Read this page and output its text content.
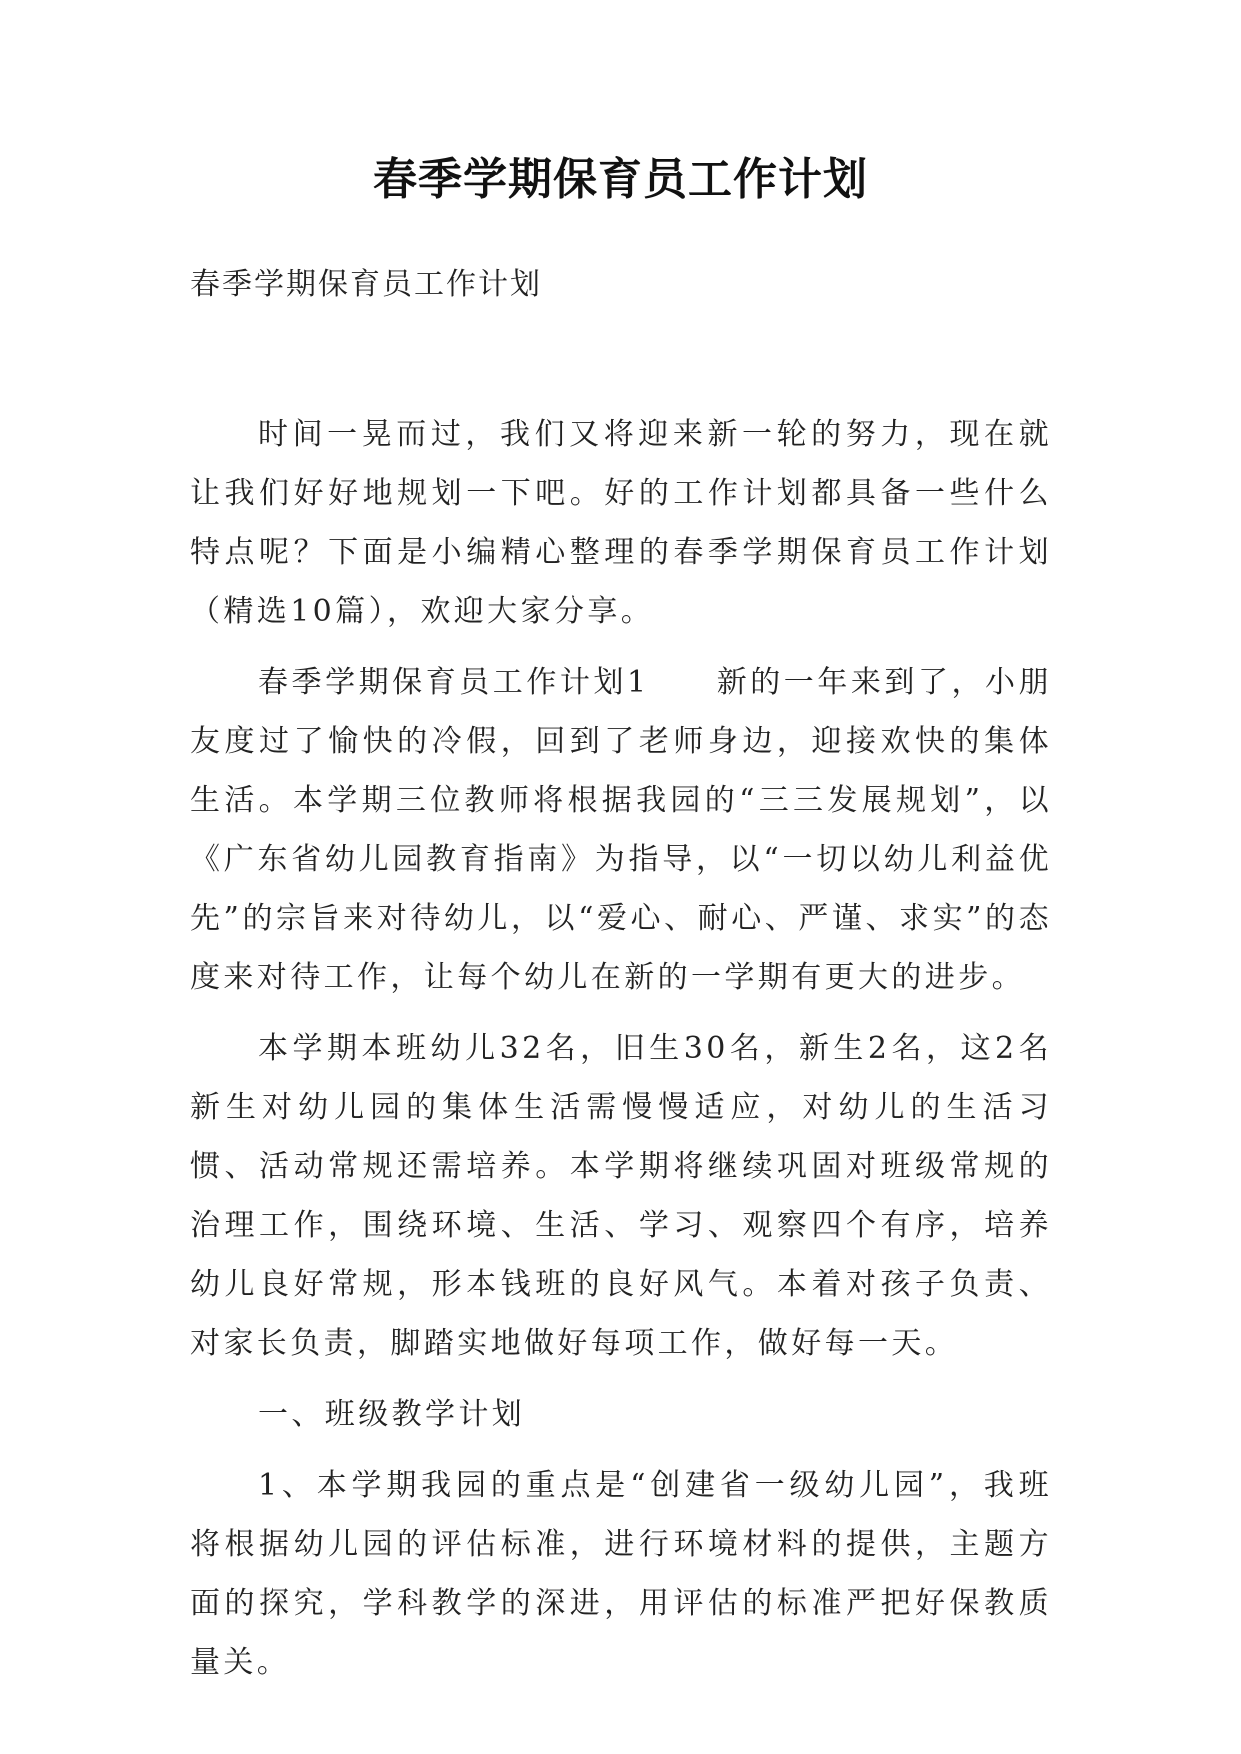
春季学期保育员工作计划

春季学期保育员工作计划

时间一晃而过，我们又将迎来新一轮的努力，现在就让我们好好地规划一下吧。好的工作计划都具备一些什么特点呢？下面是小编精心整理的春季学期保育员工作计划（精选10篇），欢迎大家分享。

春季学期保育员工作计划1　　新的一年来到了，小朋友度过了愉快的冷假，回到了老师身边，迎接欢快的集体生活。本学期三位教师将根据我园的“三三发展规划”，以《广东省幼儿园教育指南》为指导，以“一切以幼儿利益优先”的宗旨来对待幼儿，以“爱心、耐心、严谨、求实”的态度来对待工作，让每个幼儿在新的一学期有更大的进步。

本学期本班幼儿32名，旧生30名，新生2名，这2名新生对幼儿园的集体生活需慢慢适应，对幼儿的生活习惯、活动常规还需培养。本学期将继续巩固对班级常规的治理工作，围绕环境、生活、学习、观察四个有序，培养幼儿良好常规，形本钱班的良好风气。本着对孩子负责、对家长负责，脚踏实地做好每项工作，做好每一天。

一、班级教学计划

1、本学期我园的重点是“创建省一级幼儿园”，我班将根据幼儿园的评估标准，进行环境材料的提供，主题方面的探究，学科教学的深进，用评估的标准严把好保教质量关。
